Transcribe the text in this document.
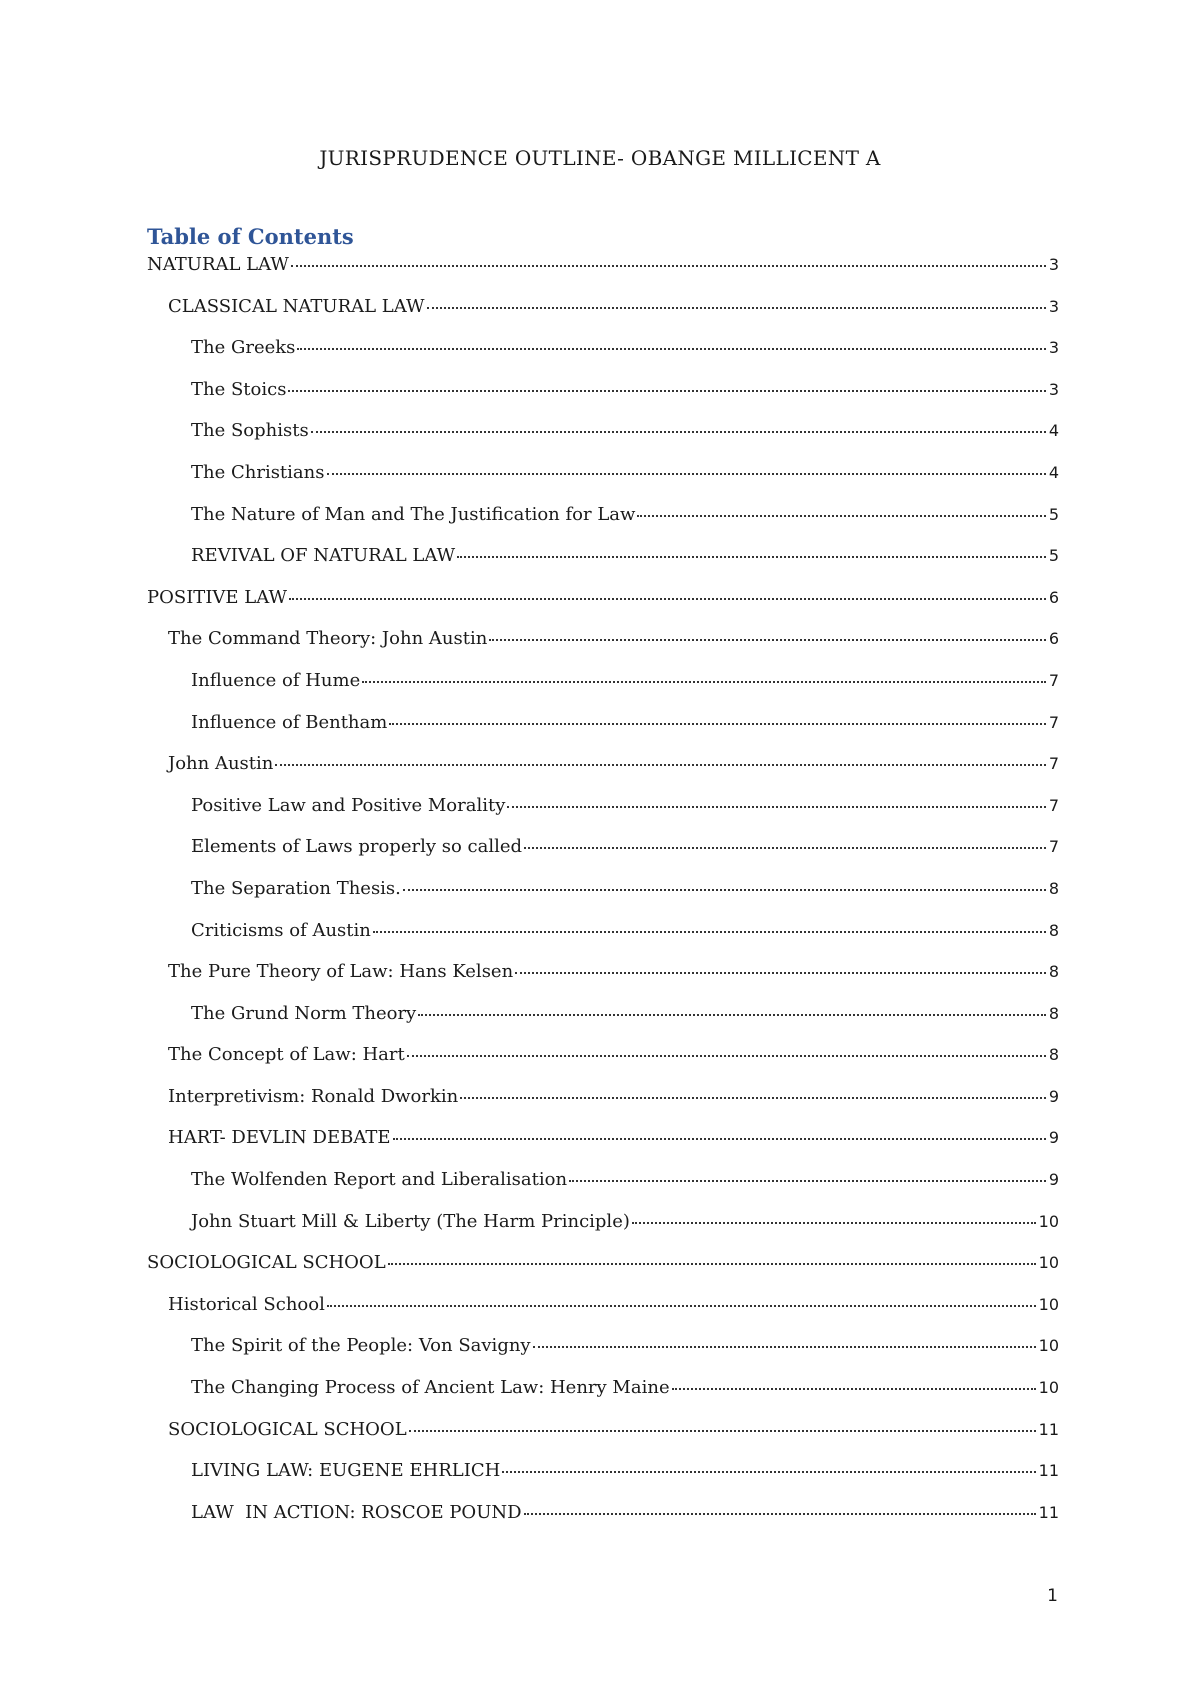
JURISPRUDENCE OUTLINE- OBANGE MILLICENT A
Table of Contents
NATURAL LAW	3
CLASSICAL NATURAL LAW	3
The Greeks	3
The Stoics	3
The Sophists	4
The Christians	4
The Nature of Man and The Justification for Law	5
REVIVAL OF NATURAL LAW	5
POSITIVE LAW	6
The Command Theory: John Austin	6
Influence of Hume	7
Influence of Bentham	7
John Austin	7
Positive Law and Positive Morality	7
Elements of Laws properly so called	7
The Separation Thesis.	8
Criticisms of Austin	8
The Pure Theory of Law: Hans Kelsen	8
The Grund Norm Theory	8
The Concept of Law: Hart	8
Interpretivism: Ronald Dworkin	9
HART- DEVLIN DEBATE	9
The Wolfenden Report and Liberalisation	9
John Stuart Mill & Liberty (The Harm Principle)	10
SOCIOLOGICAL SCHOOL	10
Historical School	10
The Spirit of the People: Von Savigny	10
The Changing Process of Ancient Law: Henry Maine	10
SOCIOLOGICAL SCHOOL	11
LIVING LAW: EUGENE EHRLICH	11
LAW  IN ACTION: ROSCOE POUND	11
1
